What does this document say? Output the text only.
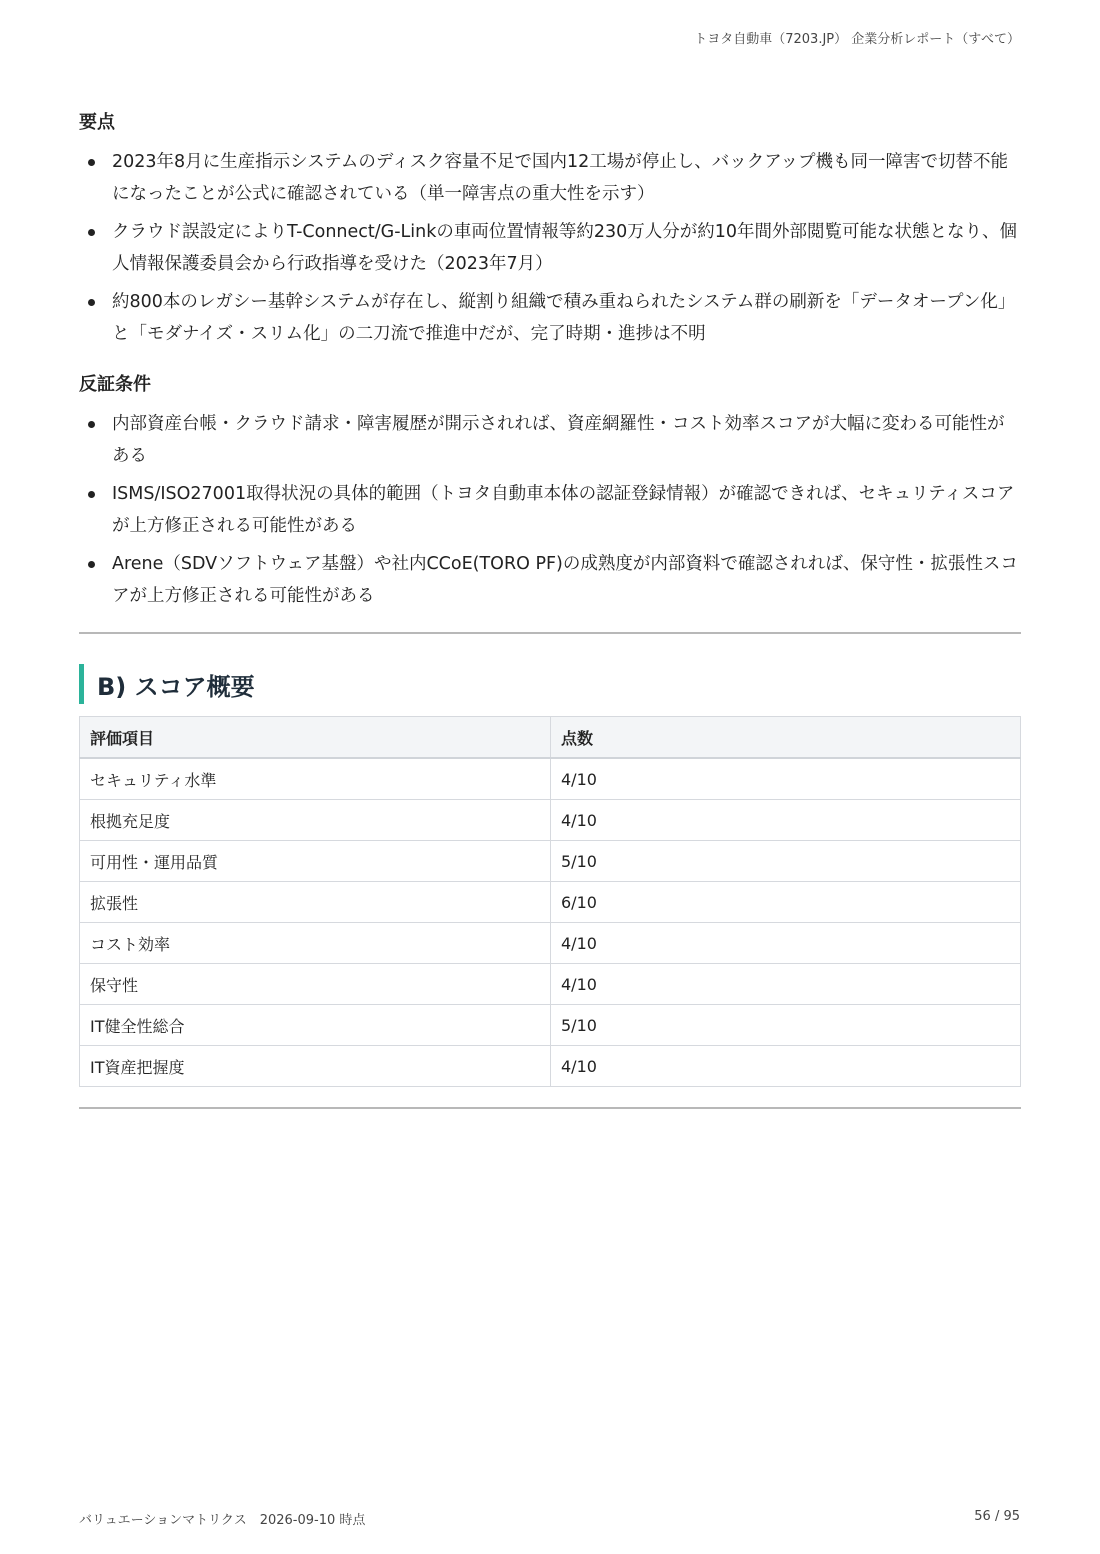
トヨタ自動車（7203.JP） 企業分析レポート（すべて）
要点
2023年8月に生産指示システムのディスク容量不足で国内12工場が停止し、バックアップ機も同一障害で切替不能になったことが公式に確認されている（単一障害点の重大性を示す）
クラウド誤設定によりT-Connect/G-Linkの車両位置情報等約230万人分が約10年間外部閲覧可能な状態となり、個人情報保護委員会から行政指導を受けた（2023年7月）
約800本のレガシー基幹システムが存在し、縦割り組織で積み重ねられたシステム群の刷新を「データオープン化」と「モダナイズ・スリム化」の二刀流で推進中だが、完了時期・進捗は不明
反証条件
内部資産台帳・クラウド請求・障害履歴が開示されれば、資産網羅性・コスト効率スコアが大幅に変わる可能性がある
ISMS/ISO27001取得状況の具体的範囲（トヨタ自動車本体の認証登録情報）が確認できれば、セキュリティスコアが上方修正される可能性がある
Arene（SDVソフトウェア基盤）や社内CCoE(TORO PF)の成熟度が内部資料で確認されれば、保守性・拡張性スコアが上方修正される可能性がある
B) スコア概要
評価項目	点数
セキュリティ水準	4/10
根拠充足度	4/10
可用性・運用品質	5/10
拡張性	6/10
コスト効率	4/10
保守性	4/10
IT健全性総合	5/10
IT資産把握度	4/10
バリュエーションマトリクス　2026-09-10 時点	56 / 95
